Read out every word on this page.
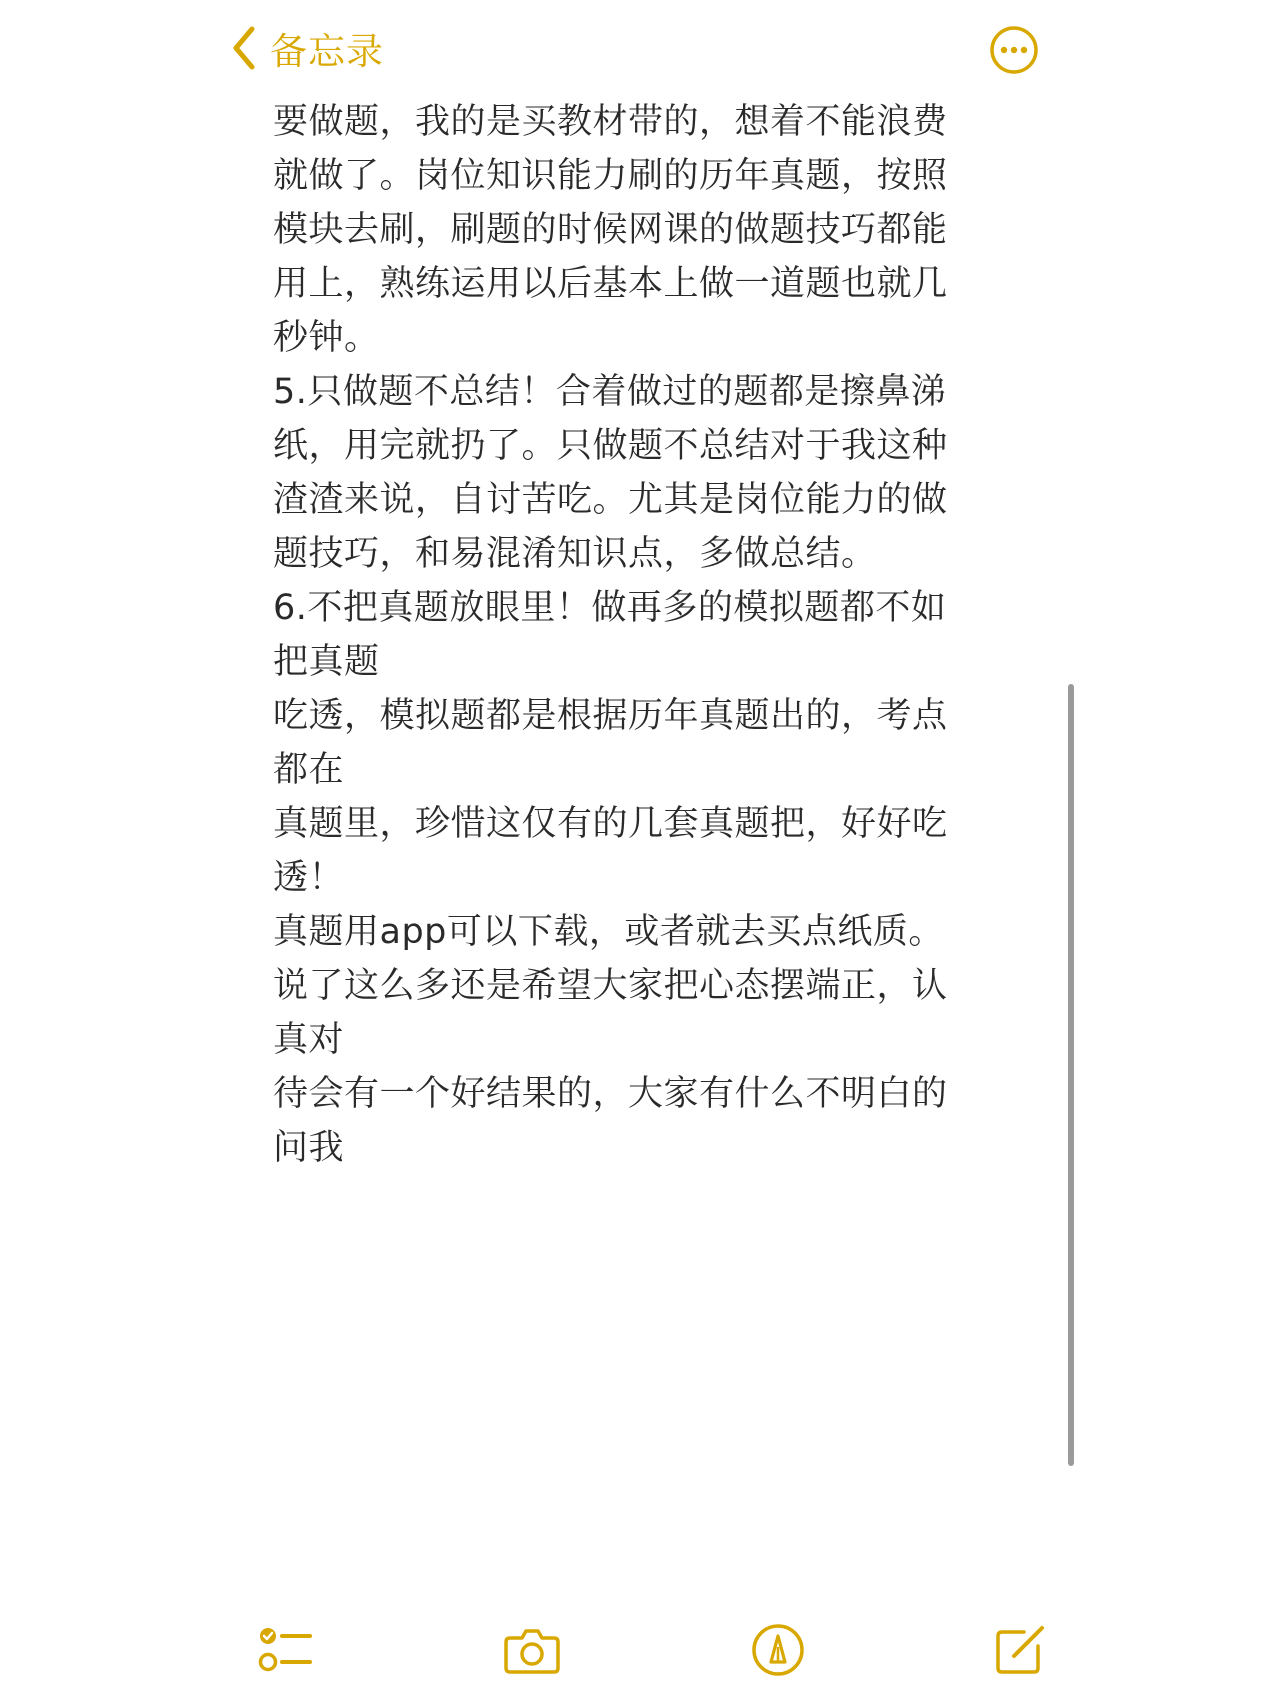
备忘录
要做题，我的是买教材带的，想着不能浪费
就做了。岗位知识能力刷的历年真题，按照
模块去刷，刷题的时候网课的做题技巧都能
用上，熟练运用以后基本上做一道题也就几
秒钟。
5.只做题不总结！合着做过的题都是擦鼻涕
纸，用完就扔了。只做题不总结对于我这种
渣渣来说，自讨苦吃。尤其是岗位能力的做
题技巧，和易混淆知识点，多做总结。
6.不把真题放眼里！做再多的模拟题都不如
把真题
吃透，模拟题都是根据历年真题出的，考点
都在
真题里，珍惜这仅有的几套真题把，好好吃
透！
真题用app可以下载，或者就去买点纸质。
说了这么多还是希望大家把心态摆端正，认
真对
待会有一个好结果的，大家有什么不明白的
问我
